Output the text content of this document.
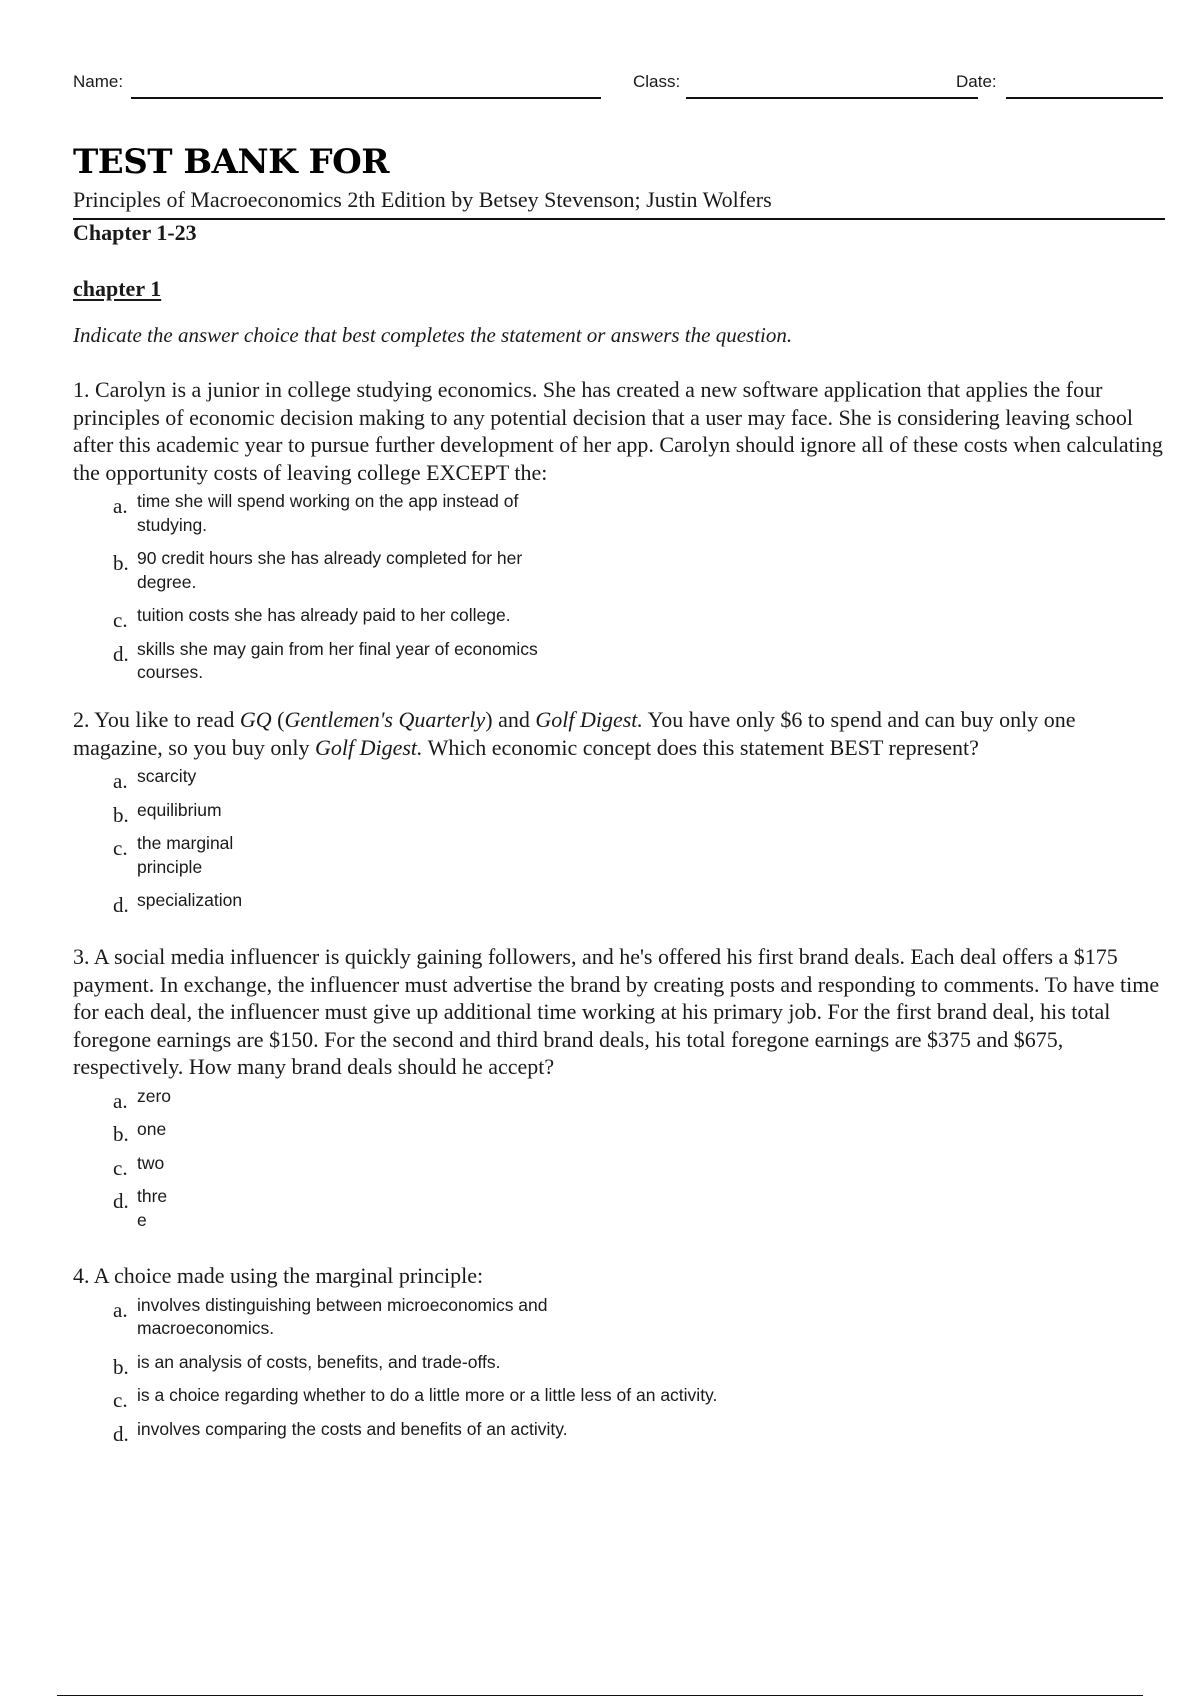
Name:	Class:	Date:
TEST BANK FOR
Principles of Macroeconomics 2th Edition by Betsey Stevenson; Justin Wolfers
Chapter 1-23
chapter 1
Indicate the answer choice that best completes the statement or answers the question.

1. Carolyn is a junior in college studying economics. She has created a new software application that applies the four principles of economic decision making to any potential decision that a user may face. She is considering leaving school after this academic year to pursue further development of her app. Carolyn should ignore all of these costs when calculating the opportunity costs of leaving college EXCEPT the:

a. time she will spend working on the app instead of studying.
b. 90 credit hours she has already completed for her degree.
c. tuition costs she has already paid to her college.
d. skills she may gain from her final year of economics courses.

2. You like to read GQ (Gentlemen's Quarterly) and Golf Digest. You have only $6 to spend and can buy only one magazine, so you buy only Golf Digest. Which economic concept does this statement BEST represent?

a. scarcity
b. equilibrium
c. the marginal principle
d. specialization

3. A social media influencer is quickly gaining followers, and he's offered his first brand deals. Each deal offers a $175 payment. In exchange, the influencer must advertise the brand by creating posts and responding to comments. To have time for each deal, the influencer must give up additional time working at his primary job. For the first brand deal, his total foregone earnings are $150. For the second and third brand deals, his total foregone earnings are $375 and $675, respectively. How many brand deals should he accept?

a. zero
b. one
c. two
d. three

4. A choice made using the marginal principle:

a. involves distinguishing between microeconomics and macroeconomics.
b. is an analysis of costs, benefits, and trade-offs.
c. is a choice regarding whether to do a little more or a little less of an activity.
d. involves comparing the costs and benefits of an activity.
